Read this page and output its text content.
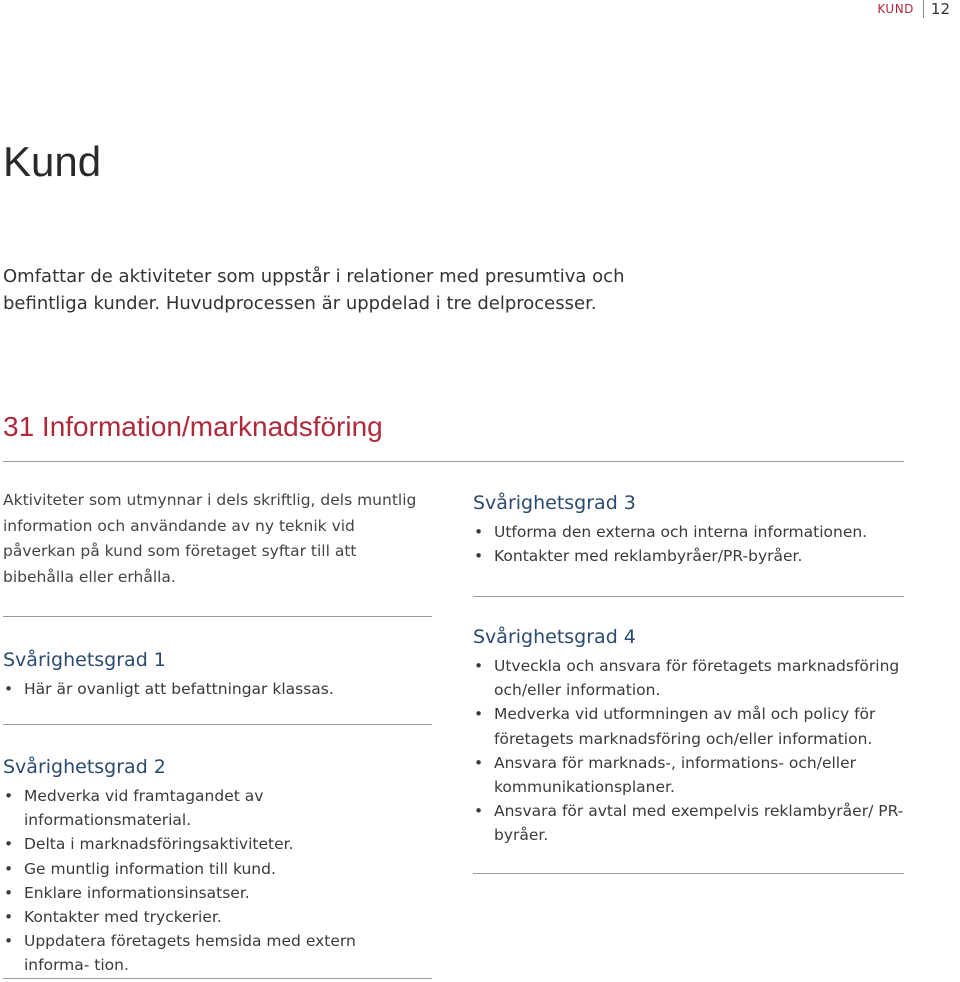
KUND 12
Kund

Omfattar de aktiviteter som uppstår i relationer med presumtiva och befintliga kunder. Huvudprocessen är uppdelad i tre delprocesser.

31 Information/marknadsföring

Aktiviteter som utmynnar i dels skriftlig, dels muntlig information och användande av ny teknik vid påverkan på kund som företaget syftar till att bibehålla eller erhålla.

Svårighetsgrad 1
• Här är ovanligt att befattningar klassas.
Svårighetsgrad 2
• Medverka vid framtagandet av informationsmaterial.
• Delta i marknadsföringsaktiviteter.
• Ge muntlig information till kund.
• Enklare informationsinsatser.
• Kontakter med tryckerier.
• Uppdatera företagets hemsida med extern informa- tion.
Svårighetsgrad 3
• Utforma den externa och interna informationen.
• Kontakter med reklambyråer/PR-byråer.
Svårighetsgrad 4
• Utveckla och ansvara för företagets marknadsföring och/eller information.
• Medverka vid utformningen av mål och policy för företagets marknadsföring och/eller information.
• Ansvara för marknads-, informations- och/eller kommunikationsplaner.
• Ansvara för avtal med exempelvis reklambyråer/ PR-byråer.
